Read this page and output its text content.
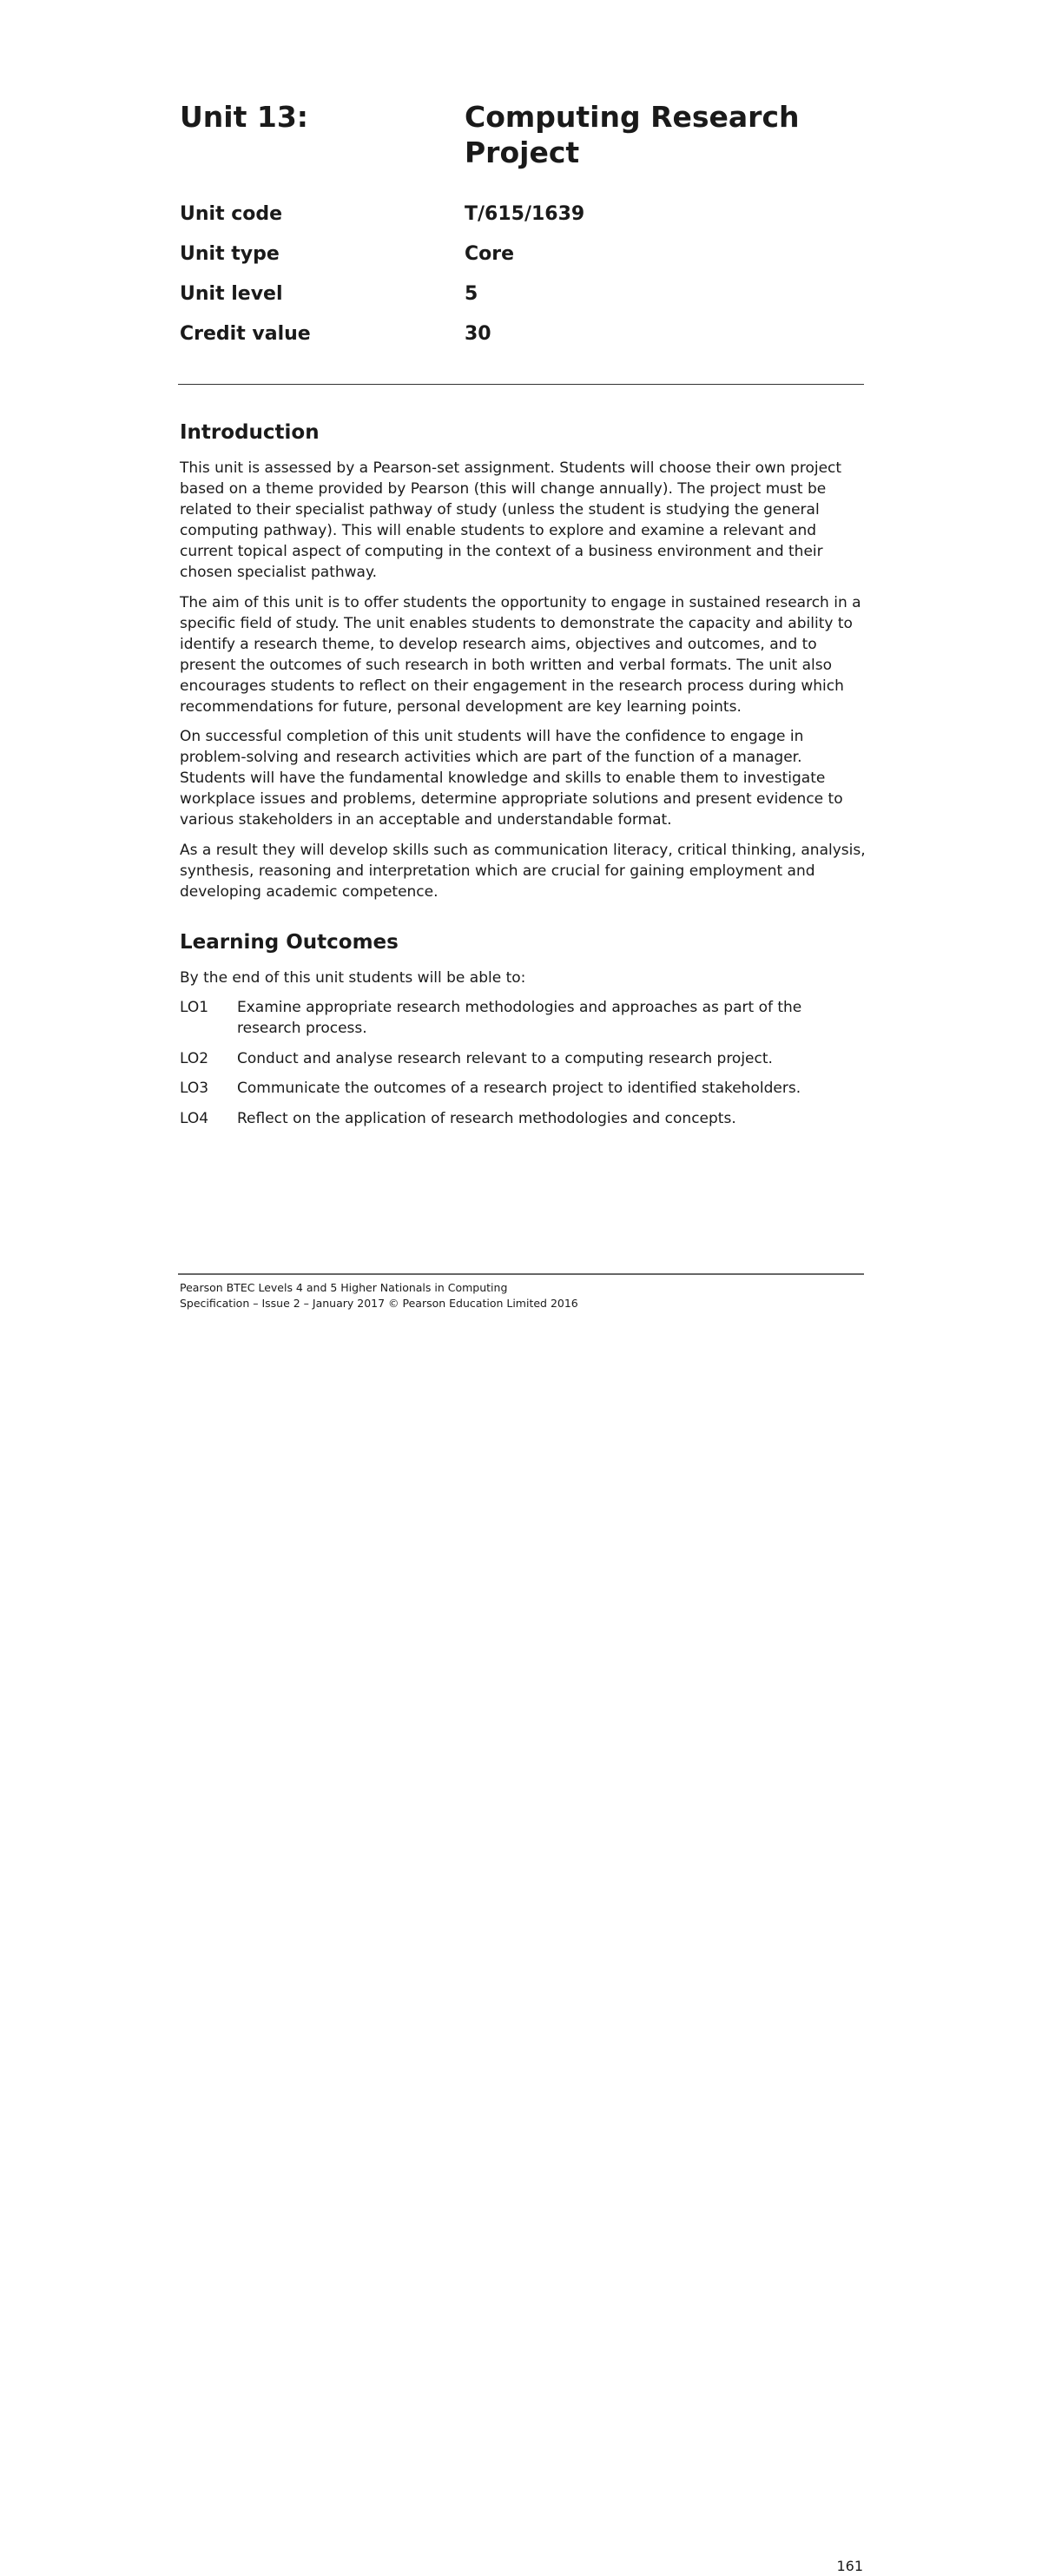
Unit 13:	Computing Research Project
Unit code	T/615/1639
Unit type	Core
Unit level	5
Credit value	30
Introduction

This unit is assessed by a Pearson-set assignment. Students will choose their own project based on a theme provided by Pearson (this will change annually). The project must be related to their specialist pathway of study (unless the student is studying the general computing pathway). This will enable students to explore and examine a relevant and current topical aspect of computing in the context of a business environment and their chosen specialist pathway.

The aim of this unit is to offer students the opportunity to engage in sustained research in a specific field of study. The unit enables students to demonstrate the capacity and ability to identify a research theme, to develop research aims, objectives and outcomes, and to present the outcomes of such research in both written and verbal formats. The unit also encourages students to reflect on their engagement in the research process during which recommendations for future, personal development are key learning points.

On successful completion of this unit students will have the confidence to engage in problem-solving and research activities which are part of the function of a manager. Students will have the fundamental knowledge and skills to enable them to investigate workplace issues and problems, determine appropriate solutions and present evidence to various stakeholders in an acceptable and understandable format.

As a result they will develop skills such as communication literacy, critical thinking, analysis, synthesis, reasoning and interpretation which are crucial for gaining employment and developing academic competence.

Learning Outcomes

By the end of this unit students will be able to:

LO1 Examine appropriate research methodologies and approaches as part of the research process.
LO2 Conduct and analyse research relevant to a computing research project.
LO3 Communicate the outcomes of a research project to identified stakeholders.
LO4 Reflect on the application of research methodologies and concepts.
Pearson BTEC Levels 4 and 5 Higher Nationals in Computing
Specification – Issue 2 – January 2017 © Pearson Education Limited 2016
161
